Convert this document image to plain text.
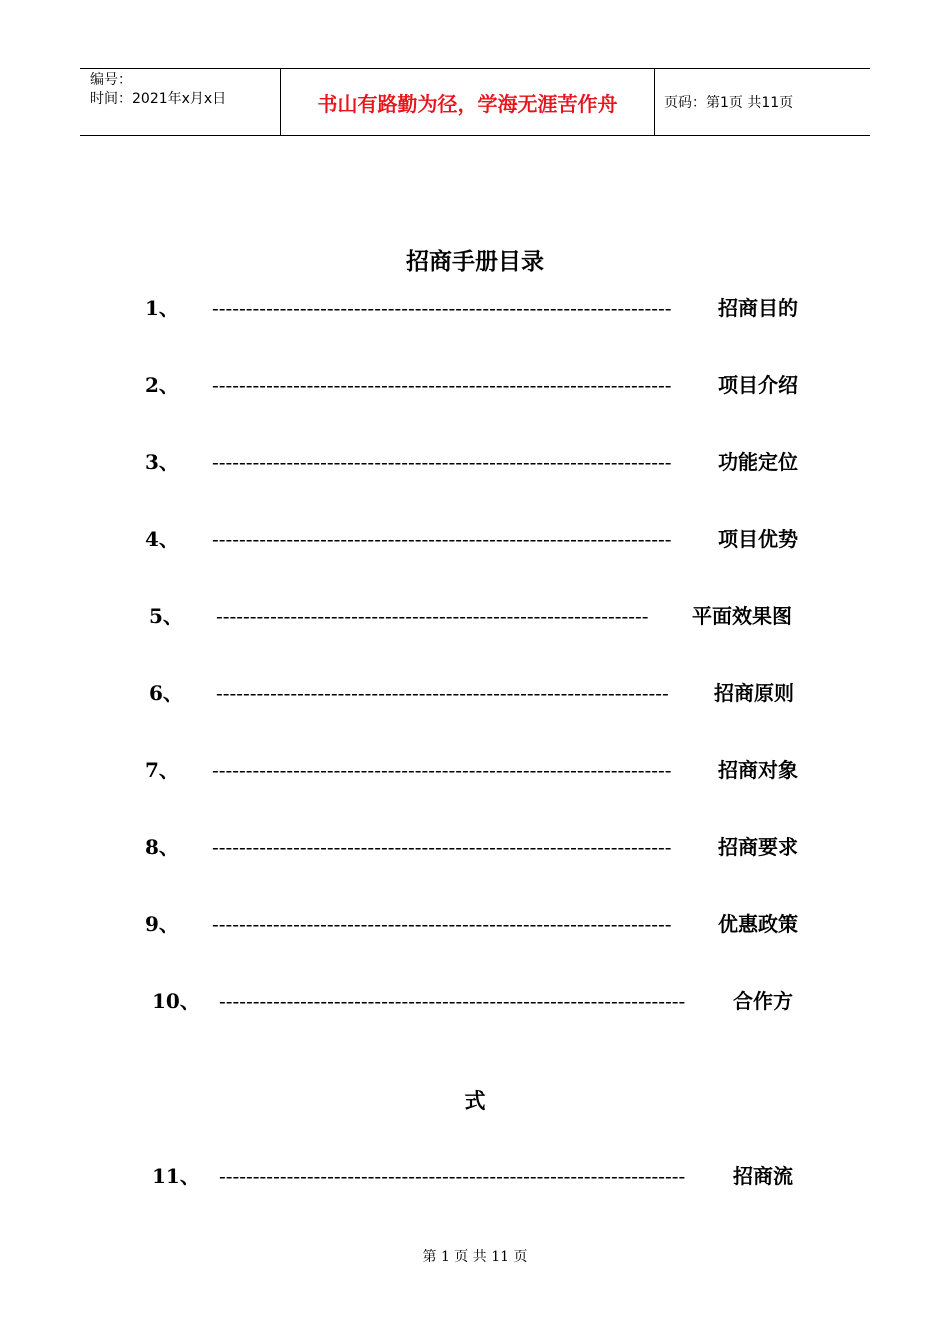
编号：
时间：2021年x月x日	书山有路勤为径，学海无涯苦作舟	页码：第1页 共11页
招商手册目录
1、 --------------------------------------------------------------------	招商目的
2、 --------------------------------------------------------------------	项目介绍
3、 --------------------------------------------------------------------	功能定位
4、 --------------------------------------------------------------------	项目优势
5、 ----------------------------------------------------------------	平面效果图
6、 -------------------------------------------------------------------	招商原则
7、 --------------------------------------------------------------------	招商对象
8、 --------------------------------------------------------------------	招商要求
9、 --------------------------------------------------------------------	优惠政策
10、 ---------------------------------------------------------------------	合作方
11、 ---------------------------------------------------------------------	招商流
式
第 1 页 共 11 页
